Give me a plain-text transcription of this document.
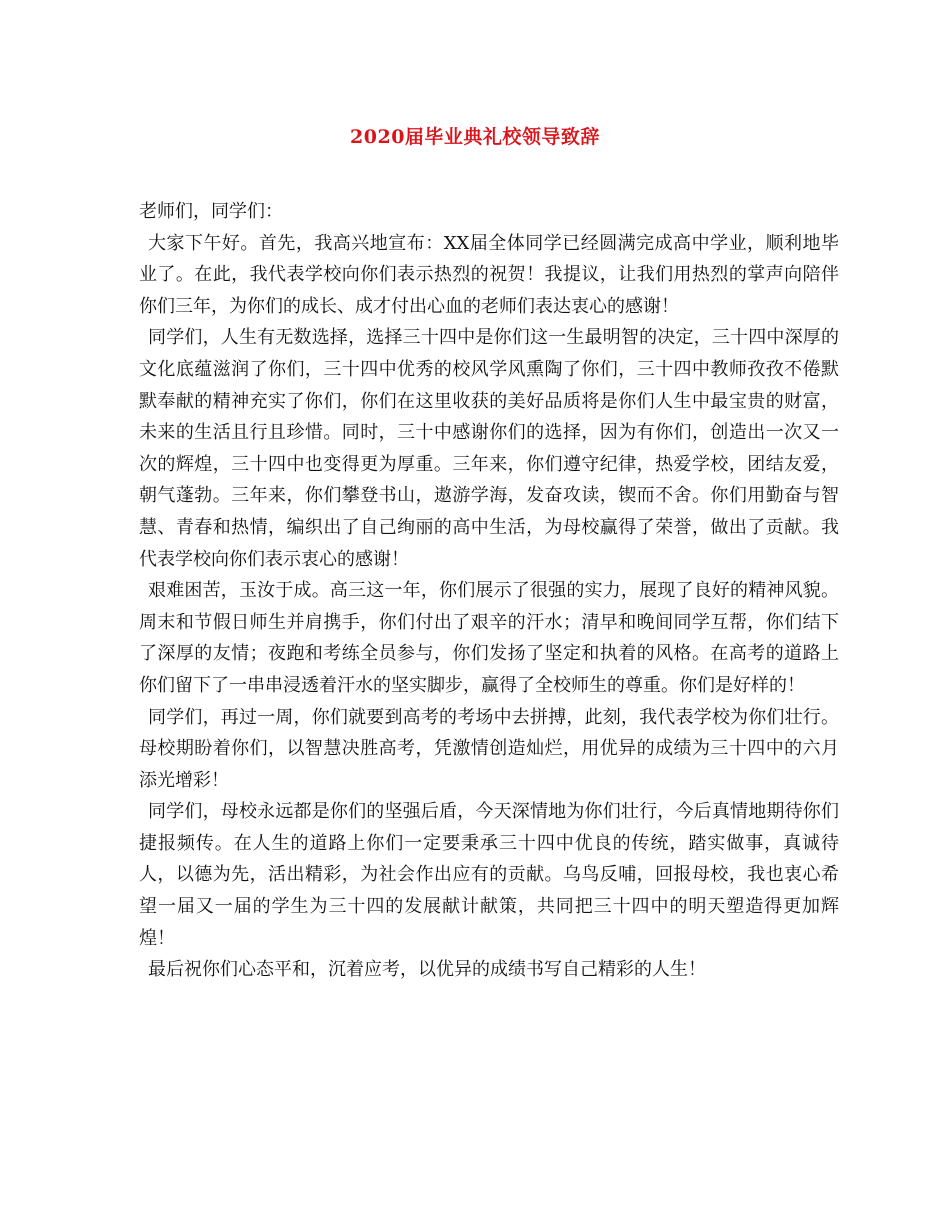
2020届毕业典礼校领导致辞

老师们，同学们：

大家下午好。首先，我高兴地宣布：XX届全体同学已经圆满完成高中学业，顺利地毕业了。在此，我代表学校向你们表示热烈的祝贺！我提议，让我们用热烈的掌声向陪伴你们三年，为你们的成长、成才付出心血的老师们表达衷心的感谢！

同学们，人生有无数选择，选择三十四中是你们这一生最明智的决定，三十四中深厚的文化底蕴滋润了你们，三十四中优秀的校风学风熏陶了你们，三十四中教师孜孜不倦默默奉献的精神充实了你们，你们在这里收获的美好品质将是你们人生中最宝贵的财富，未来的生活且行且珍惜。同时，三十中感谢你们的选择，因为有你们，创造出一次又一次的辉煌，三十四中也变得更为厚重。三年来，你们遵守纪律，热爱学校，团结友爱，朝气蓬勃。三年来，你们攀登书山，遨游学海，发奋攻读，锲而不舍。你们用勤奋与智慧、青春和热情，编织出了自己绚丽的高中生活，为母校赢得了荣誉，做出了贡献。我代表学校向你们表示衷心的感谢！

艰难困苦，玉汝于成。高三这一年，你们展示了很强的实力，展现了良好的精神风貌。周末和节假日师生并肩携手，你们付出了艰辛的汗水；清早和晚间同学互帮，你们结下了深厚的友情；夜跑和考练全员参与，你们发扬了坚定和执着的风格。在高考的道路上你们留下了一串串浸透着汗水的坚实脚步，赢得了全校师生的尊重。你们是好样的！

同学们，再过一周，你们就要到高考的考场中去拼搏，此刻，我代表学校为你们壮行。母校期盼着你们，以智慧决胜高考，凭激情创造灿烂，用优异的成绩为三十四中的六月添光增彩！

同学们，母校永远都是你们的坚强后盾，今天深情地为你们壮行，今后真情地期待你们捷报频传。在人生的道路上你们一定要秉承三十四中优良的传统，踏实做事，真诚待人，以德为先，活出精彩，为社会作出应有的贡献。乌鸟反哺，回报母校，我也衷心希望一届又一届的学生为三十四的发展献计献策，共同把三十四中的明天塑造得更加辉煌！

最后祝你们心态平和，沉着应考，以优异的成绩书写自己精彩的人生！
